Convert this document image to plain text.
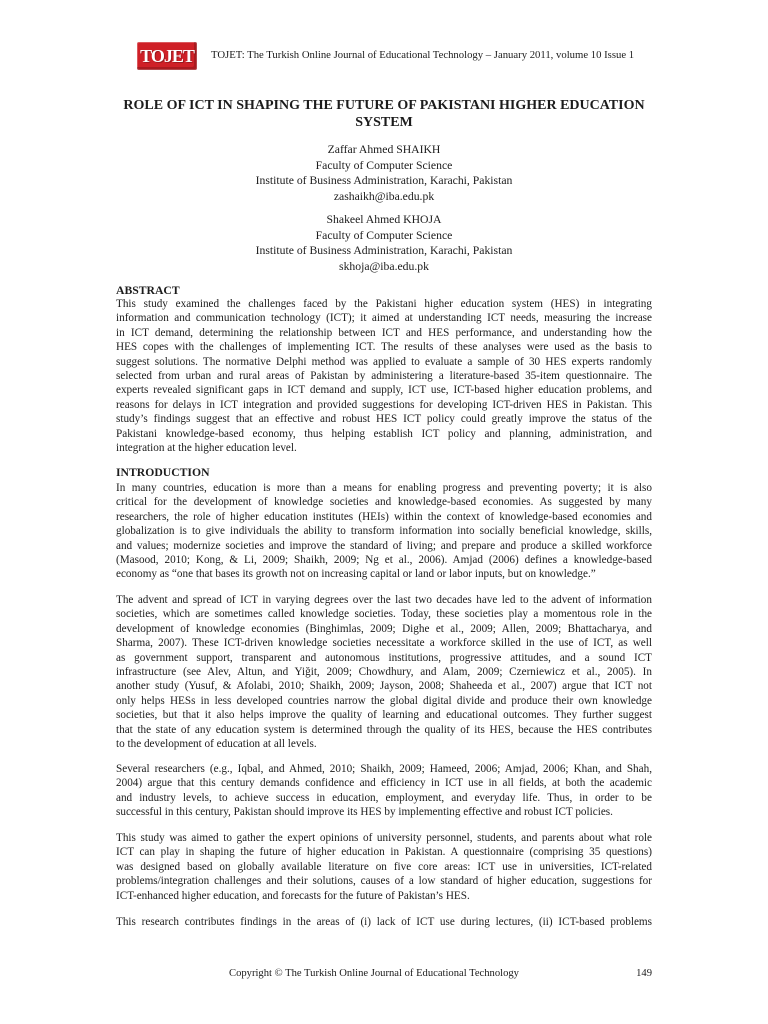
TOJET TOJET: The Turkish Online Journal of Educational Technology – January 2011, volume 10 Issue 1
ROLE OF ICT IN SHAPING THE FUTURE OF PAKISTANI HIGHER EDUCATION
SYSTEM
Zaffar Ahmed SHAIKH
Faculty of Computer Science
Institute of Business Administration, Karachi, Pakistan
zashaikh@iba.edu.pk
Shakeel Ahmed KHOJA
Faculty of Computer Science
Institute of Business Administration, Karachi, Pakistan
skhoja@iba.edu.pk
ABSTRACT
This study examined the challenges faced by the Pakistani higher education system (HES) in integrating
information and communication technology (ICT); it aimed at understanding ICT needs, measuring the increase
in ICT demand, determining the relationship between ICT and HES performance, and understanding how the
HES copes with the challenges of implementing ICT. The results of these analyses were used as the basis to
suggest solutions. The normative Delphi method was applied to evaluate a sample of 30 HES experts randomly
selected from urban and rural areas of Pakistan by administering a literature-based 35-item questionnaire. The
experts revealed significant gaps in ICT demand and supply, ICT use, ICT-based higher education problems, and
reasons for delays in ICT integration and provided suggestions for developing ICT-driven HES in Pakistan. This
study’s findings suggest that an effective and robust HES ICT policy could greatly improve the status of the
Pakistani knowledge-based economy, thus helping establish ICT policy and planning, administration, and
integration at the higher education level.
INTRODUCTION
In many countries, education is more than a means for enabling progress and preventing poverty; it is also
critical for the development of knowledge societies and knowledge-based economies. As suggested by many
researchers, the role of higher education institutes (HEIs) within the context of knowledge-based economies and
globalization is to give individuals the ability to transform information into socially beneficial knowledge, skills,
and values; modernize societies and improve the standard of living; and prepare and produce a skilled workforce
(Masood, 2010; Kong, & Li, 2009; Shaikh, 2009; Ng et al., 2006). Amjad (2006) defines a knowledge-based
economy as “one that bases its growth not on increasing capital or land or labor inputs, but on knowledge.”
The advent and spread of ICT in varying degrees over the last two decades have led to the advent of information
societies, which are sometimes called knowledge societies. Today, these societies play a momentous role in the
development of knowledge economies (Binghimlas, 2009; Dighe et al., 2009; Allen, 2009; Bhattacharya, and
Sharma, 2007). These ICT-driven knowledge societies necessitate a workforce skilled in the use of ICT, as well
as government support, transparent and autonomous institutions, progressive attitudes, and a sound ICT
infrastructure (see Alev, Altun, and Yiğit, 2009; Chowdhury, and Alam, 2009; Czerniewicz et al., 2005). In
another study (Yusuf, & Afolabi, 2010; Shaikh, 2009; Jayson, 2008; Shaheeda et al., 2007) argue that ICT not
only helps HESs in less developed countries narrow the global digital divide and produce their own knowledge
societies, but that it also helps improve the quality of learning and educational outcomes. They further suggest
that the state of any education system is determined through the quality of its HES, because the HES contributes
to the development of education at all levels.
Several researchers (e.g., Iqbal, and Ahmed, 2010; Shaikh, 2009; Hameed, 2006; Amjad, 2006; Khan, and Shah,
2004) argue that this century demands confidence and efficiency in ICT use in all fields, at both the academic
and industry levels, to achieve success in education, employment, and everyday life. Thus, in order to be
successful in this century, Pakistan should improve its HES by implementing effective and robust ICT policies.
This study was aimed to gather the expert opinions of university personnel, students, and parents about what role
ICT can play in shaping the future of higher education in Pakistan. A questionnaire (comprising 35 questions)
was designed based on globally available literature on five core areas: ICT use in universities, ICT-related
problems/integration challenges and their solutions, causes of a low standard of higher education, suggestions for
ICT-enhanced higher education, and forecasts for the future of Pakistan’s HES.
This research contributes findings in the areas of (i) lack of ICT use during lectures, (ii) ICT-based problems
Copyright © The Turkish Online Journal of Educational Technology	149
